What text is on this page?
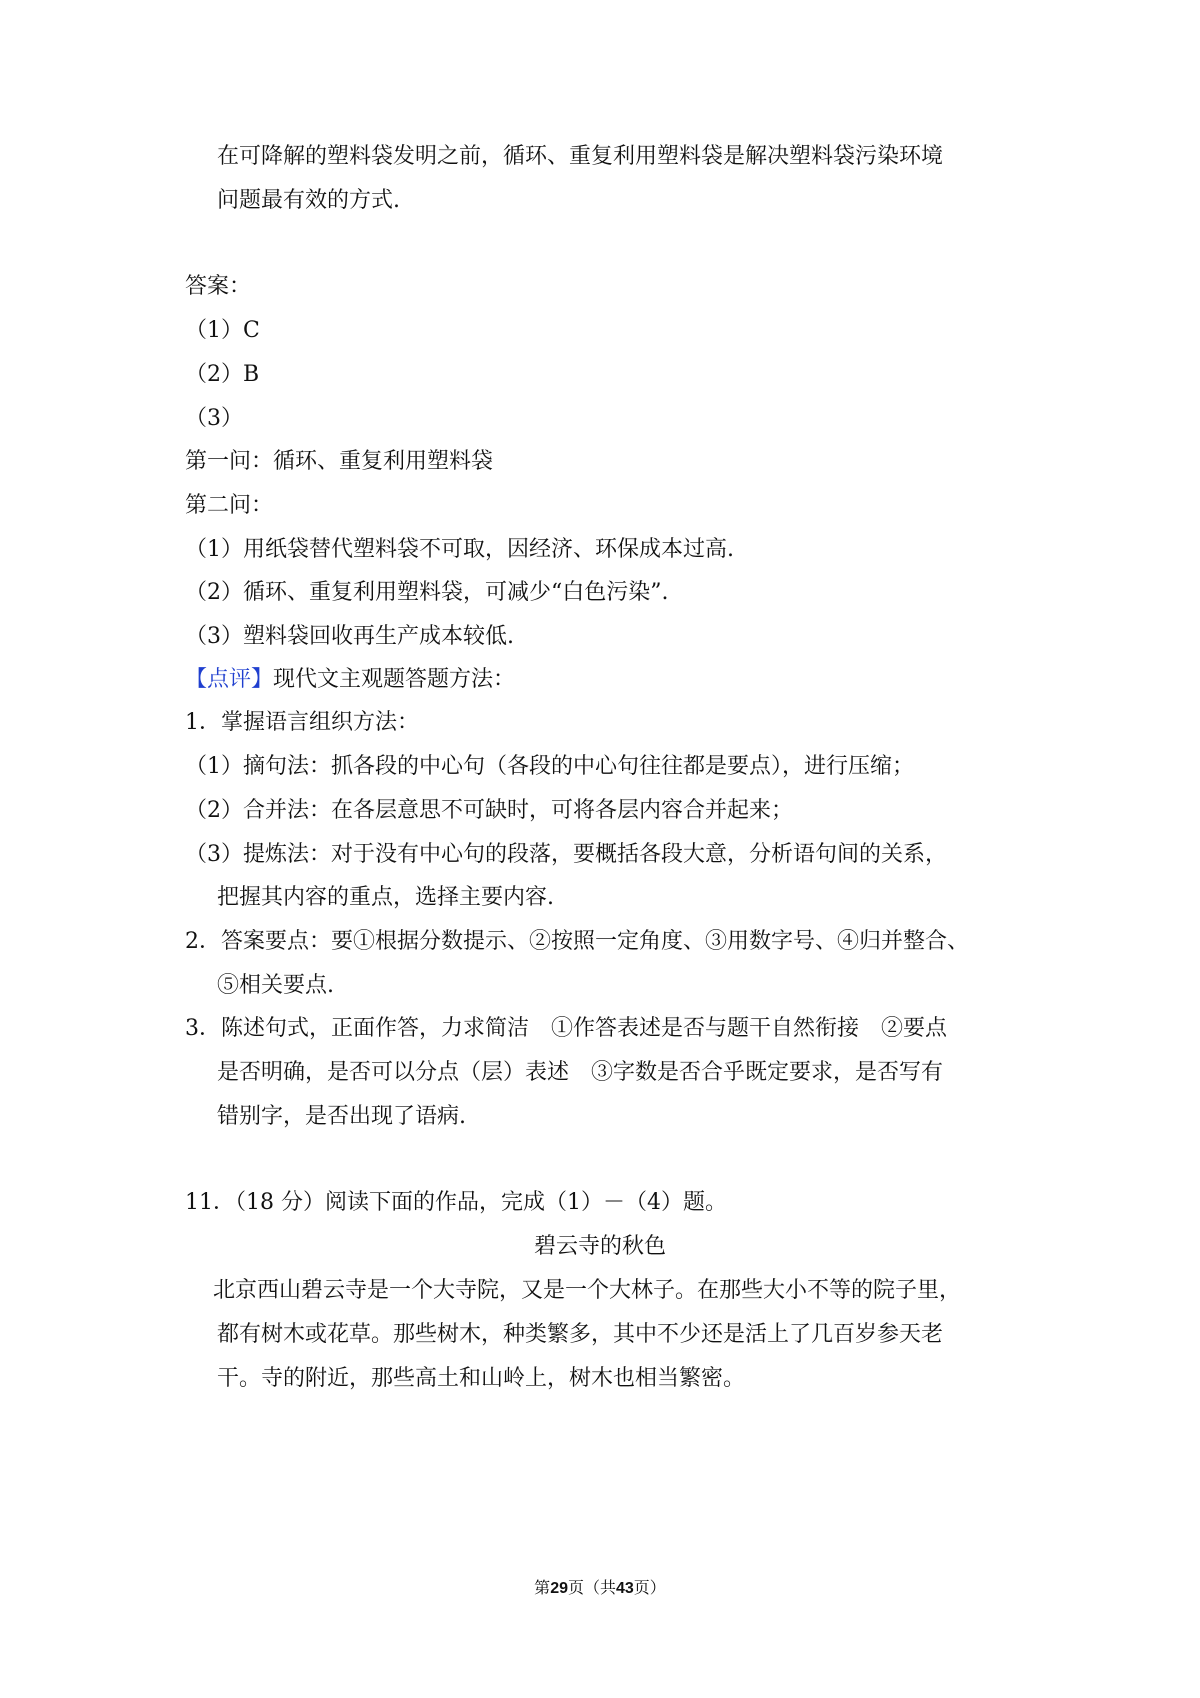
在可降解的塑料袋发明之前，循环、重复利用塑料袋是解决塑料袋污染环境
问题最有效的方式.
答案：
（1）C
（2）B
（3）
第一问：循环、重复利用塑料袋
第二问：
（1）用纸袋替代塑料袋不可取，因经济、环保成本过高.
（2）循环、重复利用塑料袋，可减少“白色污染”.
（3）塑料袋回收再生产成本较低.
【点评】现代文主观题答题方法：
1．掌握语言组织方法：
（1）摘句法：抓各段的中心句（各段的中心句往往都是要点），进行压缩；
（2）合并法：在各层意思不可缺时，可将各层内容合并起来；
（3）提炼法：对于没有中心句的段落，要概括各段大意，分析语句间的关系，
把握其内容的重点，选择主要内容.
2．答案要点：要①根据分数提示、②按照一定角度、③用数字号、④归并整合、
⑤相关要点.
3．陈述句式，正面作答，力求简洁　①作答表述是否与题干自然衔接　②要点
是否明确，是否可以分点（层）表述　③字数是否合乎既定要求，是否写有
错别字，是否出现了语病.
11．（18 分）阅读下面的作品，完成（1）－（4）题。
碧云寺的秋色
北京西山碧云寺是一个大寺院，又是一个大林子。在那些大小不等的院子里，
都有树木或花草。那些树木，种类繁多，其中不少还是活上了几百岁参天老
干。寺的附近，那些高土和山岭上，树木也相当繁密。
第29页（共43页）
